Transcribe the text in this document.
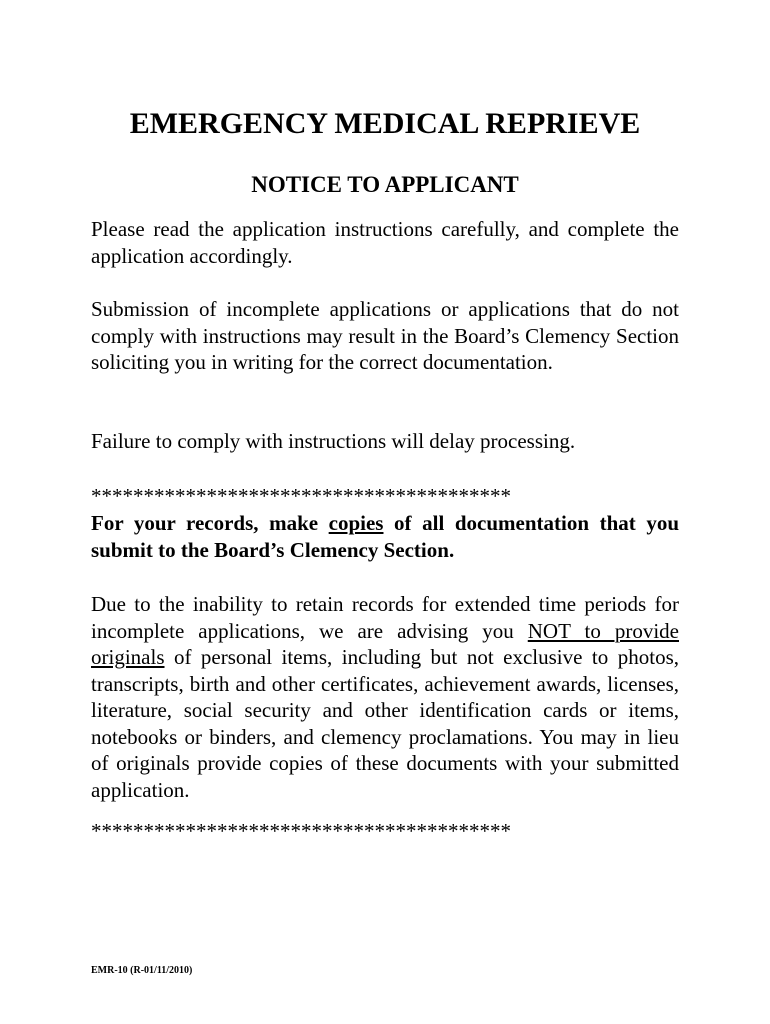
EMERGENCY MEDICAL REPRIEVE
NOTICE TO APPLICANT
Please read the application instructions carefully, and complete the application accordingly.
Submission of incomplete applications or applications that do not comply with instructions may result in the Board’s Clemency Section soliciting you in writing for the correct documentation.
Failure to comply with instructions will delay processing.
****************************************
For your records, make copies of all documentation that you submit to the Board’s Clemency Section.
Due to the inability to retain records for extended time periods for incomplete applications, we are advising you NOT to provide originals of personal items, including but not exclusive to photos, transcripts, birth and other certificates, achievement awards, licenses, literature, social security and other identification cards or items, notebooks or binders, and clemency proclamations. You may in lieu of originals provide copies of these documents with your submitted application.
****************************************
EMR-10 (R-01/11/2010)
